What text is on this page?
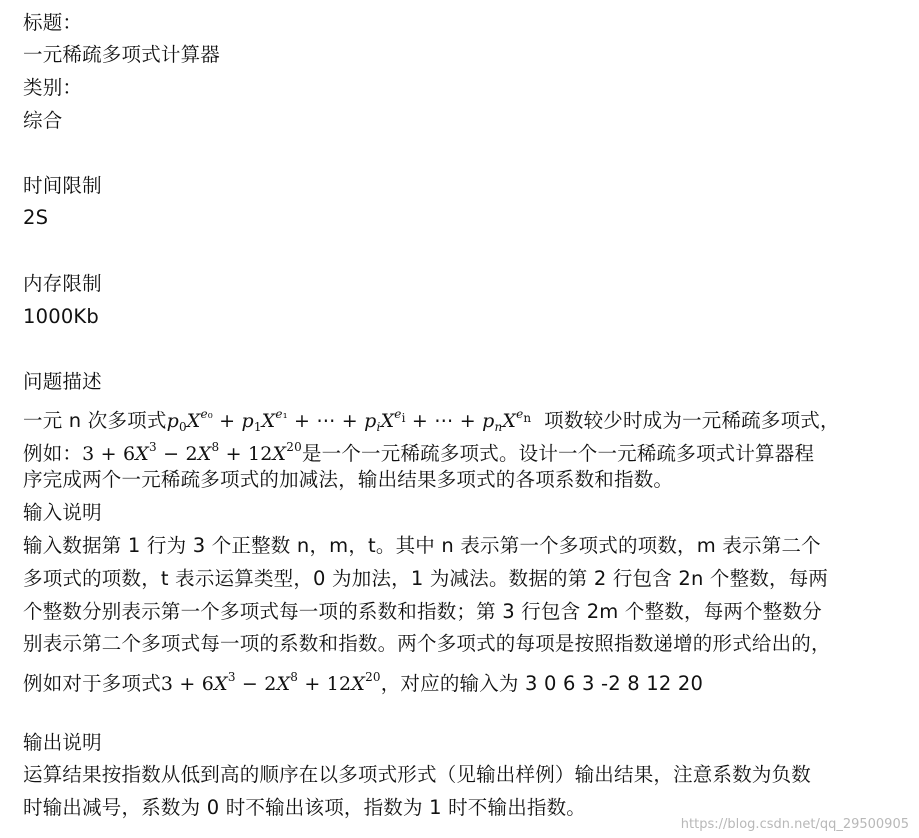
标题：
一元稀疏多项式计算器
类别：
综合
时间限制
2S
内存限制
1000Kb
问题描述
一元 n 次多项式$p_0X^{e_0} + p_1X^{e_1}$ + ⋯ + $p_iX^{e_i}$ + ⋯ + $p_nX^{e_n}$ 项数较少时成为一元稀疏多项式，
例如：$3 + 6X^3 - 2X^8 + 12X^{20}$是一个一元稀疏多项式。设计一个一元稀疏多项式计算器程
序完成两个一元稀疏多项式的加减法，输出结果多项式的各项系数和指数。
输入说明
输入数据第 1 行为 3 个正整数 n，m，t。其中 n 表示第一个多项式的项数，m 表示第二个
多项式的项数，t 表示运算类型，0 为加法，1 为减法。数据的第 2 行包含 2n 个整数，每两
个整数分别表示第一个多项式每一项的系数和指数；第 3 行包含 2m 个整数，每两个整数分
别表示第二个多项式每一项的系数和指数。两个多项式的每项是按照指数递增的形式给出的，
例如对于多项式$3 + 6X^3 - 2X^8 + 12X^{20}$，对应的输入为 3 0 6 3 -2 8 12 20
输出说明
运算结果按指数从低到高的顺序在以多项式形式（见输出样例）输出结果，注意系数为负数
时输出减号，系数为 0 时不输出该项，指数为 1 时不输出指数。
https://blog.csdn.net/qq_29500905
